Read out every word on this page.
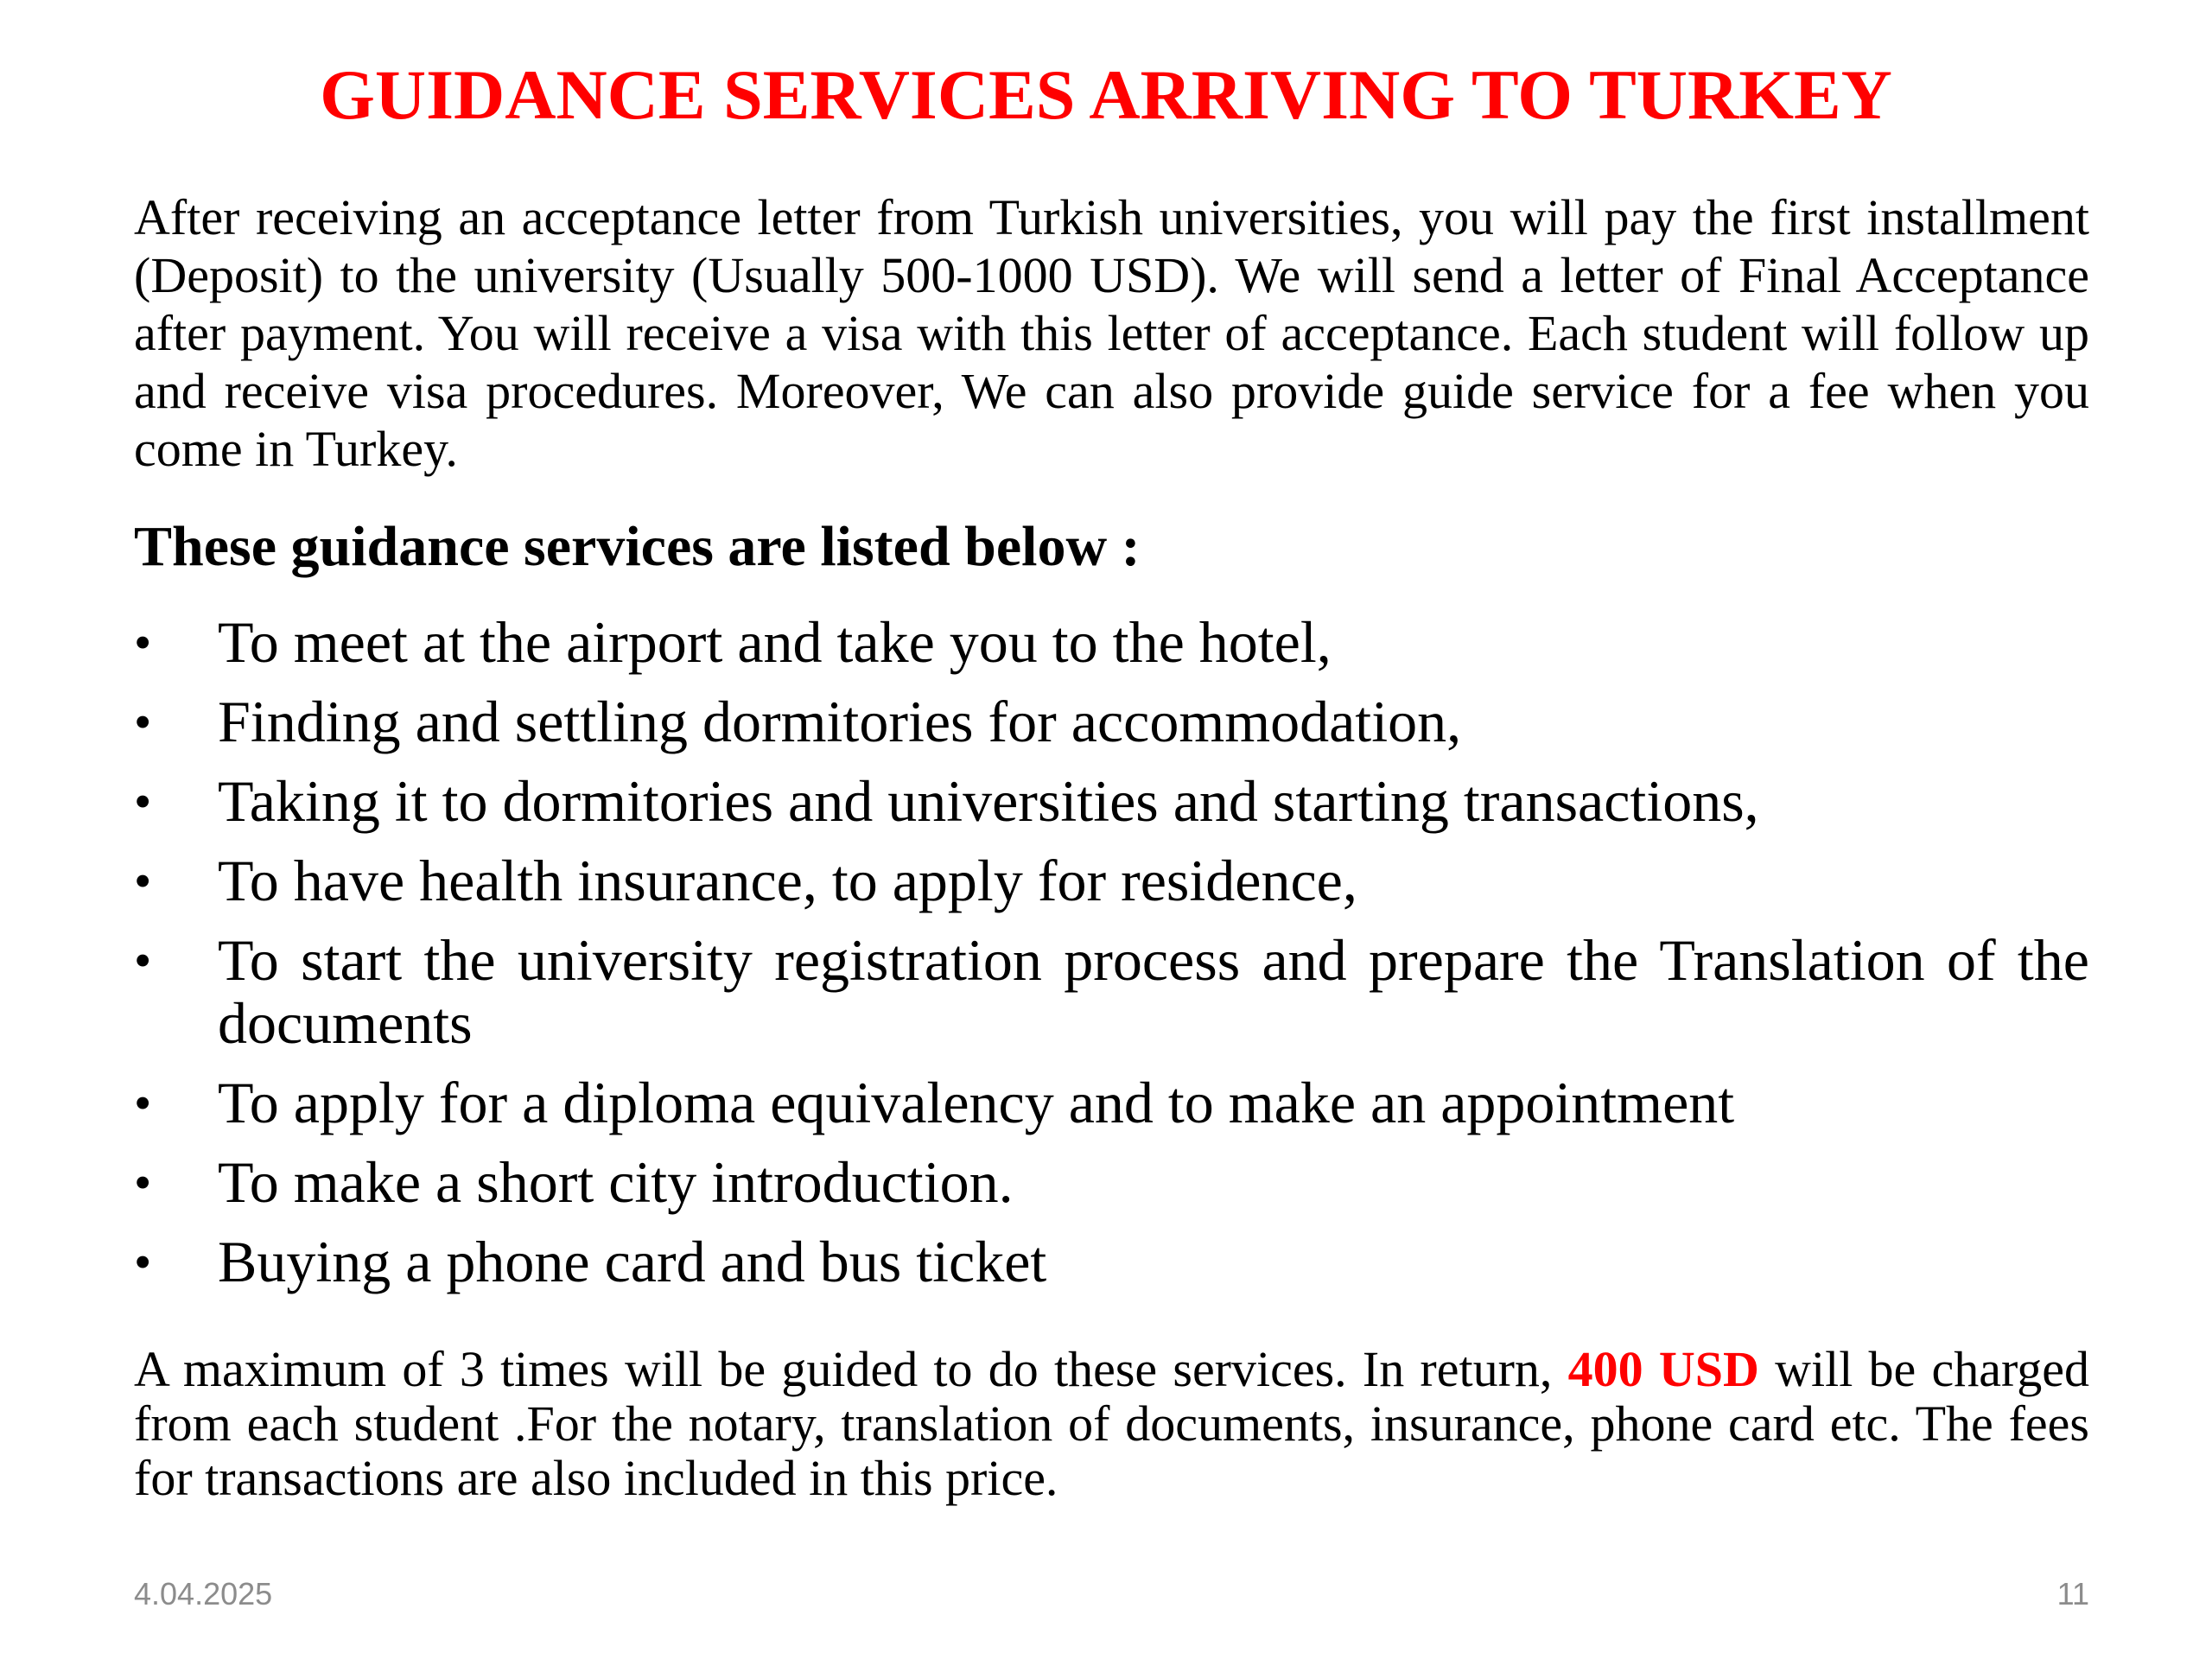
GUIDANCE SERVICES ARRIVING TO TURKEY

After receiving an acceptance letter from Turkish universities, you will pay the first installment (Deposit) to the university (Usually 500-1000 USD). We will send a letter of Final Acceptance after payment. You will receive a visa with this letter of acceptance. Each student will follow up and receive visa procedures. Moreover, We can also provide guide service for a fee when you come in Turkey.

These guidance services are listed below :

• To meet at the airport and take you to the hotel,
• Finding and settling dormitories for accommodation,
• Taking it to dormitories and universities and starting transactions,
• To have health insurance, to apply for residence,
• To start the university registration process and prepare the Translation of the documents
• To apply for a diploma equivalency and to make an appointment
• To make a short city introduction.
• Buying a phone card and bus ticket

A maximum of 3 times will be guided to do these services. In return, 400 USD will be charged from each student .For the notary, translation of documents, insurance, phone card etc. The fees for transactions are also included in this price.

4.04.2025	11
